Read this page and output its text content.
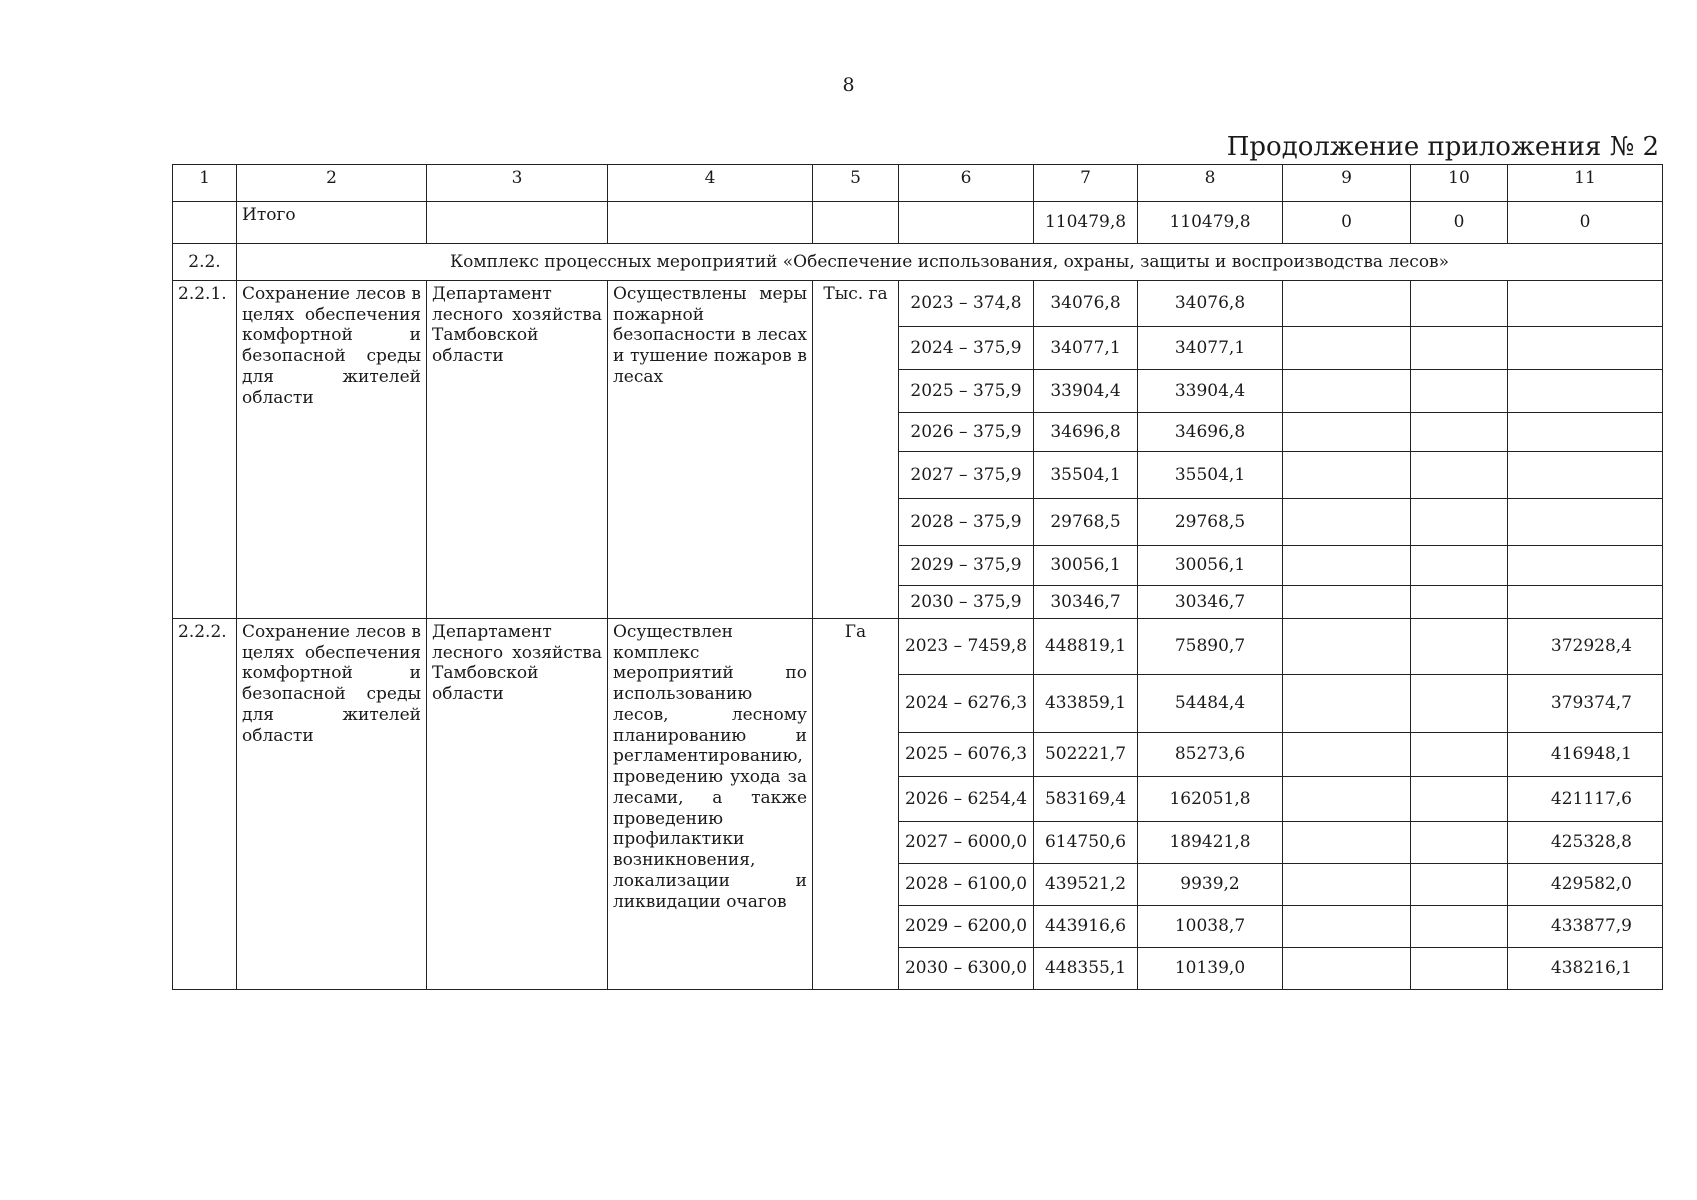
8
Продолжение приложения № 2
1	2	3	4	5	6	7	8	9	10	11
	Итого					110479,8	110479,8	0	0	0
2.2.	Комплекс процессных мероприятий «Обеспечение использования, охраны, защиты и воспроизводства лесов»									
2.2.1.	Сохранение лесов в целях обеспечения комфортной и безопасной среды для жителей области	Департамент лесного хозяйства Тамбовской области	Осуществлены меры пожарной безопасности в лесах и тушение пожаров в лесах	Тыс. га	2023 – 374,8	34076,8	34076,8			
					2024 – 375,9	34077,1	34077,1			
					2025 – 375,9	33904,4	33904,4			
					2026 – 375,9	34696,8	34696,8			
					2027 – 375,9	35504,1	35504,1			
					2028 – 375,9	29768,5	29768,5			
					2029 – 375,9	30056,1	30056,1			
					2030 – 375,9	30346,7	30346,7			
2.2.2.	Сохранение лесов в целях обеспечения комфортной и безопасной среды для жителей области	Департамент лесного хозяйства Тамбовской области	Осуществлен комплекс мероприятий по использованию лесов, лесному планированию и регламентированию, проведению ухода за лесами, а также проведению профилактики возникновения, локализации и ликвидации очагов	Га	2023 – 7459,8	448819,1	75890,7			372928,4
					2024 – 6276,3	433859,1	54484,4			379374,7
					2025 – 6076,3	502221,7	85273,6			416948,1
					2026 – 6254,4	583169,4	162051,8			421117,6
					2027 – 6000,0	614750,6	189421,8			425328,8
					2028 – 6100,0	439521,2	9939,2			429582,0
					2029 – 6200,0	443916,6	10038,7			433877,9
					2030 – 6300,0	448355,1	10139,0			438216,1
